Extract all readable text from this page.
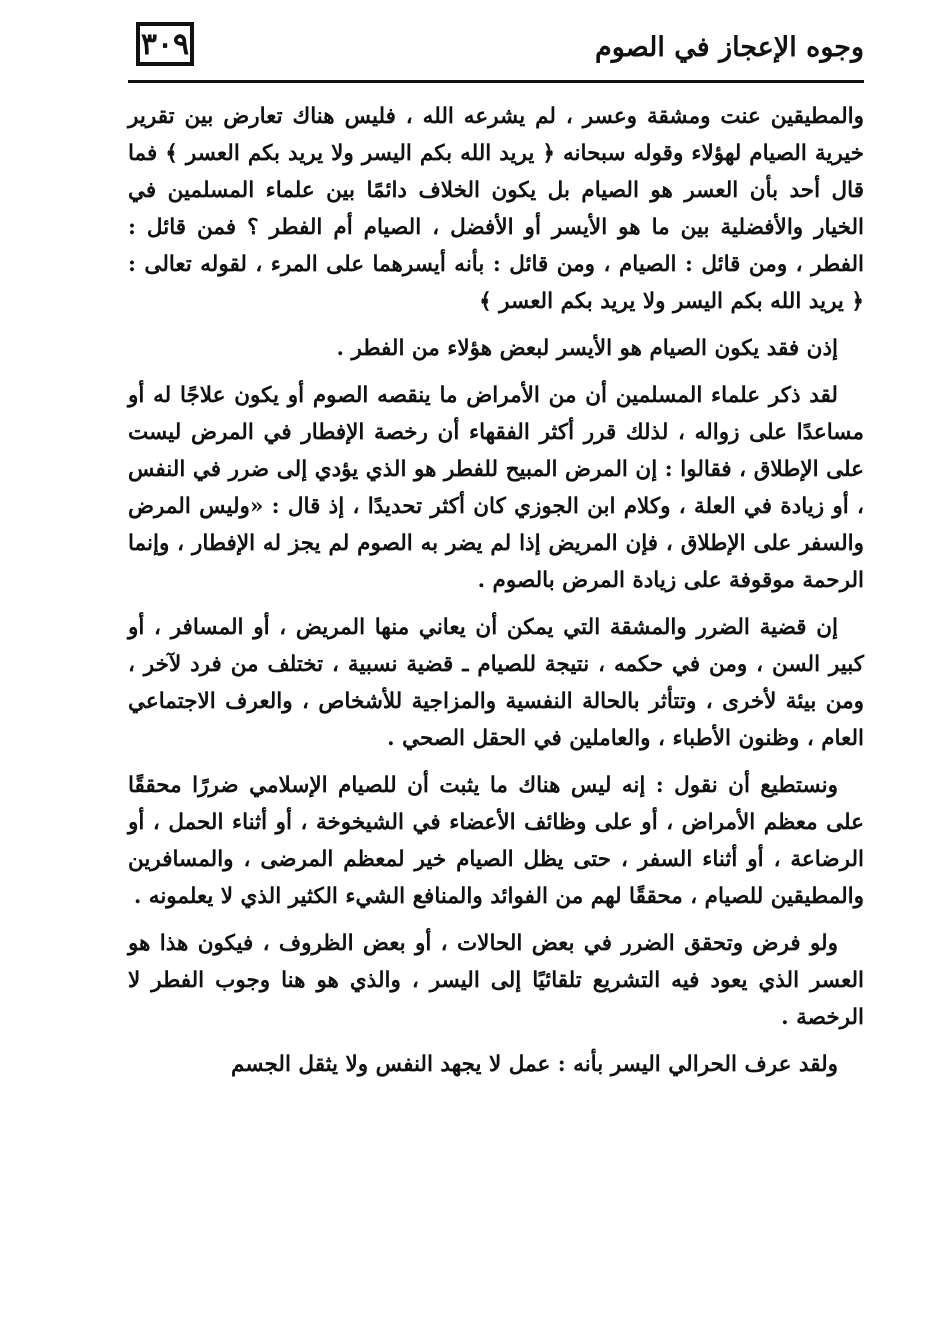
٣٠٩	وجوه الإعجاز في الصوم

والمطيقين عنت ومشقة وعسر ، لم يشرعه الله ، فليس هناك تعارض بين تقرير خيرية الصيام لهؤلاء وقوله سبحانه ﴿ يريد الله بكم اليسر ولا يريد بكم العسر ﴾ فما قال أحد بأن العسر هو الصيام بل يكون الخلاف دائمًا بين علماء المسلمين في الخيار والأفضلية بين ما هو الأيسر أو الأفضل ، الصيام أم الفطر ؟ فمن قائل : الفطر ، ومن قائل : الصيام ، ومن قائل : بأنه أيسرهما على المرء ، لقوله تعالى : ﴿ يريد الله بكم اليسر ولا يريد بكم العسر ﴾

إذن فقد يكون الصيام هو الأيسر لبعض هؤلاء من الفطر .

لقد ذكر علماء المسلمين أن من الأمراض ما ينقصه الصوم أو يكون علاجًا له أو مساعدًا على زواله ، لذلك قرر أكثر الفقهاء أن رخصة الإفطار في المرض ليست على الإطلاق ، فقالوا : إن المرض المبيح للفطر هو الذي يؤدي إلى ضرر في النفس ، أو زيادة في العلة ، وكلام ابن الجوزي كان أكثر تحديدًا ، إذ قال : «وليس المرض والسفر على الإطلاق ، فإن المريض إذا لم يضر به الصوم لم يجز له الإفطار ، وإنما الرحمة موقوفة على زيادة المرض بالصوم .

إن قضية الضرر والمشقة التي يمكن أن يعاني منها المريض ، أو المسافر ، أو كبير السن ، ومن في حكمه ، نتيجة للصيام ـ قضية نسبية ، تختلف من فرد لآخر ، ومن بيئة لأخرى ، وتتأثر بالحالة النفسية والمزاجية للأشخاص ، والعرف الاجتماعي العام ، وظنون الأطباء ، والعاملين في الحقل الصحي .

ونستطيع أن نقول : إنه ليس هناك ما يثبت أن للصيام الإسلامي ضررًا محققًا على معظم الأمراض ، أو على وظائف الأعضاء في الشيخوخة ، أو أثناء الحمل ، أو الرضاعة ، أو أثناء السفر ، حتى يظل الصيام خير لمعظم المرضى ، والمسافرين والمطيقين للصيام ، محققًا لهم من الفوائد والمنافع الشيء الكثير الذي لا يعلمونه .

ولو فرض وتحقق الضرر في بعض الحالات ، أو بعض الظروف ، فيكون هذا هو العسر الذي يعود فيه التشريع تلقائيًا إلى اليسر ، والذي هو هنا وجوب الفطر لا الرخصة .

ولقد عرف الحرالي اليسر بأنه : عمل لا يجهد النفس ولا يثقل الجسم
